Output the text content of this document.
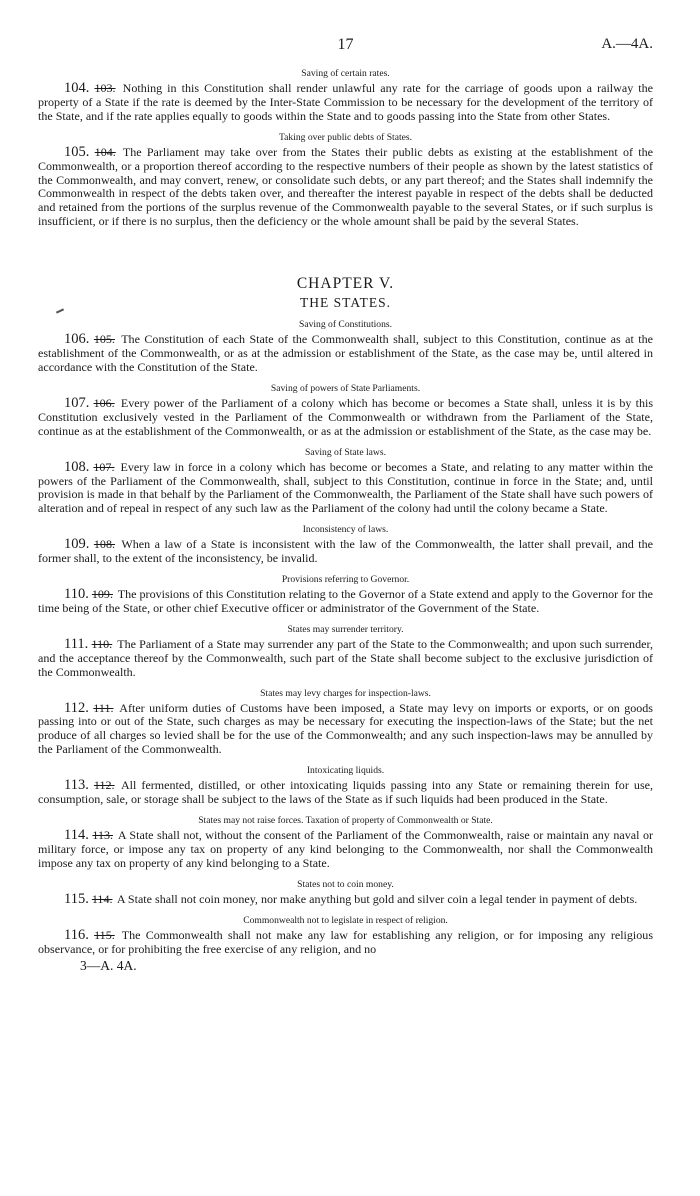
17	A.—4A.
Saving of certain rates.

104. 103. Nothing in this Constitution shall render unlawful any rate for the carriage of goods upon a railway the property of a State if the rate is deemed by the Inter-State Commission to be necessary for the development of the territory of the State, and if the rate applies equally to goods within the State and to goods passing into the State from other States.

Taking over public debts of States.

105. 104. The Parliament may take over from the States their public debts as existing at the establishment of the Commonwealth, or a proportion thereof according to the respective numbers of their people as shown by the latest statistics of the Commonwealth, and may convert, renew, or consolidate such debts, or any part thereof; and the States shall indemnify the Commonwealth in respect of the debts taken over, and thereafter the interest payable in respect of the debts shall be deducted and retained from the portions of the surplus revenue of the Commonwealth payable to the several States, or if such surplus is insufficient, or if there is no surplus, then the deficiency or the whole amount shall be paid by the several States.

CHAPTER V.
THE STATES.
Saving of Constitutions.

106. 105. The Constitution of each State of the Commonwealth shall, subject to this Constitution, continue as at the establishment of the Commonwealth, or as at the admission or establishment of the State, as the case may be, until altered in accordance with the Constitution of the State.

Saving of powers of State Parliaments.

107. 106. Every power of the Parliament of a colony which has become or becomes a State shall, unless it is by this Constitution exclusively vested in the Parliament of the Commonwealth or withdrawn from the Parliament of the State, continue as at the establishment of the Commonwealth, or as at the admission or establishment of the State, as the case may be.

Saving of State laws.

108. 107. Every law in force in a colony which has become or becomes a State, and relating to any matter within the powers of the Parliament of the Commonwealth, shall, subject to this Constitution, continue in force in the State; and, until provision is made in that behalf by the Parliament of the Commonwealth, the Parliament of the State shall have such powers of alteration and of repeal in respect of any such law as the Parliament of the colony had until the colony became a State.

Inconsistency of laws.

109. 108. When a law of a State is inconsistent with the law of the Commonwealth, the latter shall prevail, and the former shall, to the extent of the inconsistency, be invalid.

Provisions referring to Governor.

110. 109. The provisions of this Constitution relating to the Governor of a State extend and apply to the Governor for the time being of the State, or other chief Executive officer or administrator of the Government of the State.

States may surrender territory.

111. 110. The Parliament of a State may surrender any part of the State to the Commonwealth; and upon such surrender, and the acceptance thereof by the Commonwealth, such part of the State shall become subject to the exclusive jurisdiction of the Commonwealth.

States may levy charges for inspection-laws.

112. 111. After uniform duties of Customs have been imposed, a State may levy on imports or exports, or on goods passing into or out of the State, such charges as may be necessary for executing the inspection-laws of the State; but the net produce of all charges so levied shall be for the use of the Commonwealth; and any such inspection-laws may be annulled by the Parliament of the Commonwealth.

Intoxicating liquids.

113. 112. All fermented, distilled, or other intoxicating liquids passing into any State or remaining therein for use, consumption, sale, or storage shall be subject to the laws of the State as if such liquids had been produced in the State.

States may not raise forces. Taxation of property of Commonwealth or State.

114. 113. A State shall not, without the consent of the Parliament of the Commonwealth, raise or maintain any naval or military force, or impose any tax on property of any kind belonging to the Commonwealth, nor shall the Commonwealth impose any tax on property of any kind belonging to a State.

States not to coin money.

115. 114. A State shall not coin money, nor make anything but gold and silver coin a legal tender in payment of debts.

Commonwealth not to legislate in respect of religion.

116. 115. The Commonwealth shall not make any law for establishing any religion, or for imposing any religious observance, or for prohibiting the free exercise of any religion, and no

3—A. 4A.
